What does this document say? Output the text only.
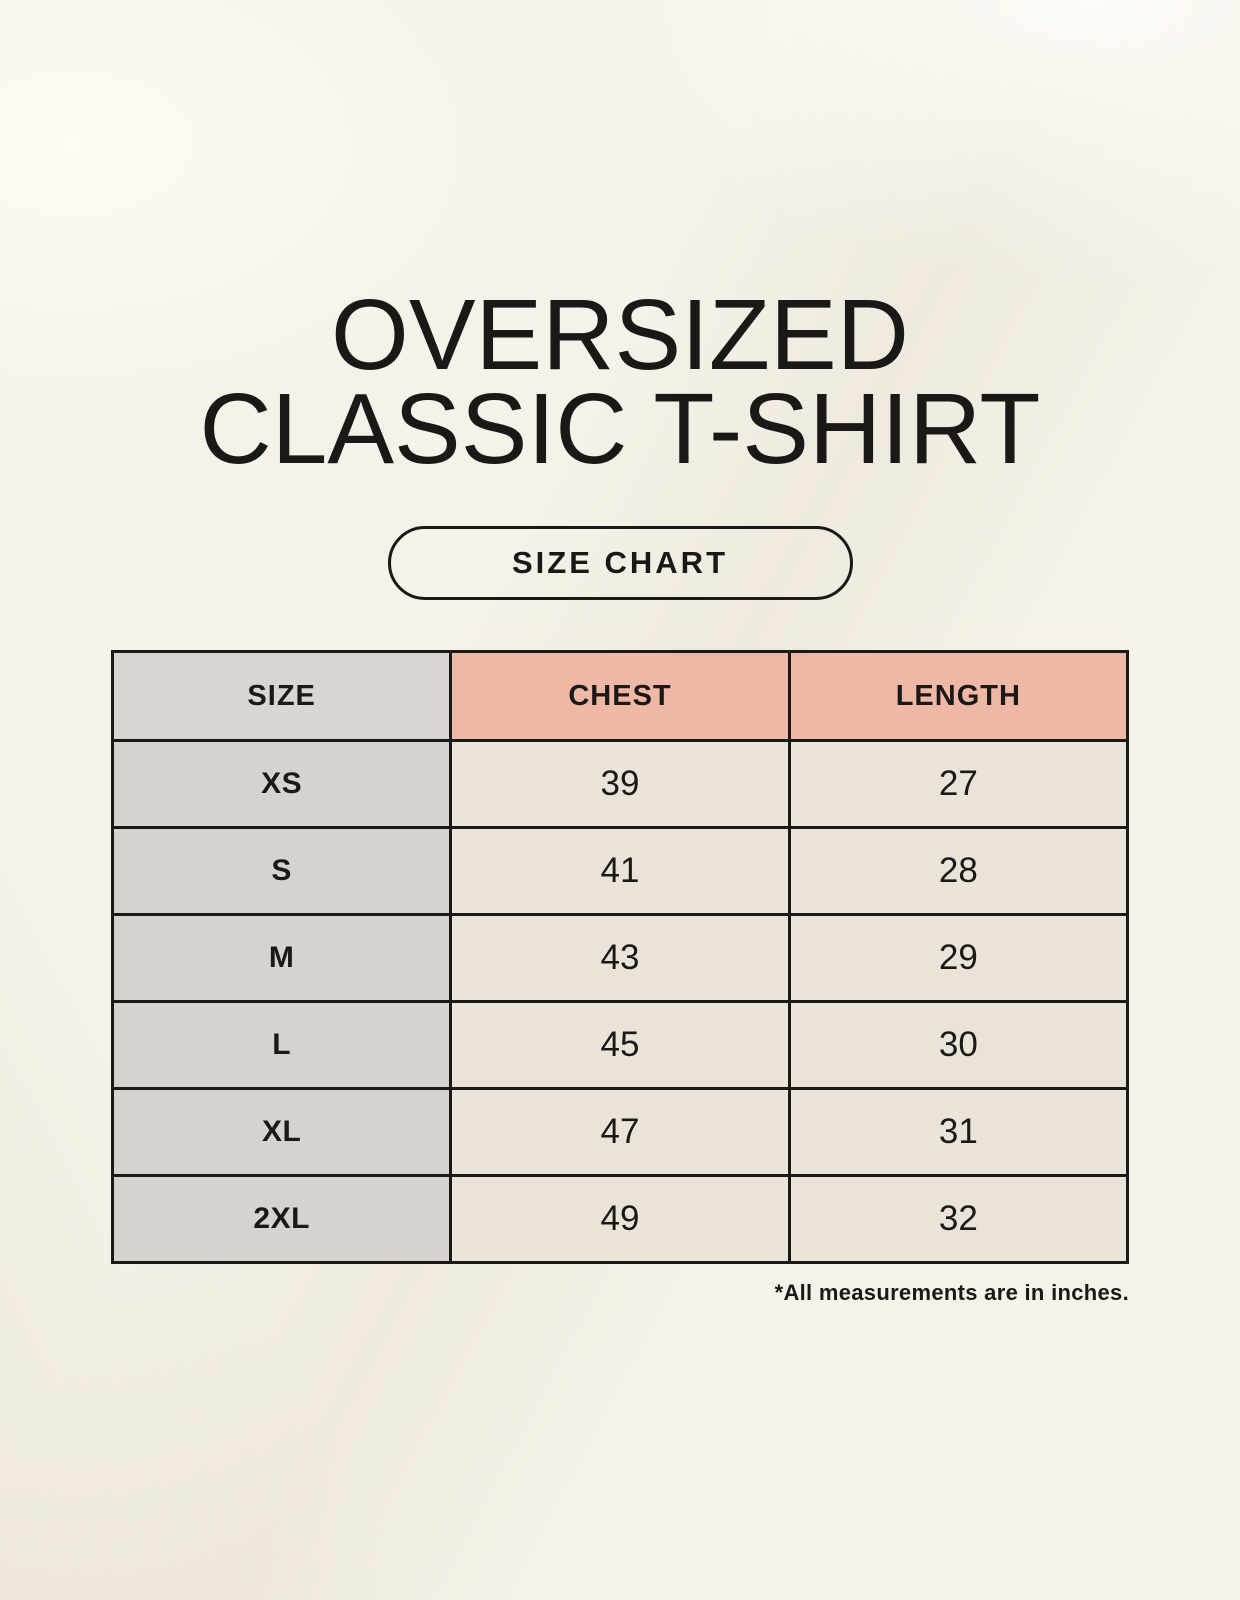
OVERSIZED
CLASSIC T-SHIRT
SIZE CHART
SIZE	CHEST	LENGTH
XS	39	27
S	41	28
M	43	29
L	45	30
XL	47	31
2XL	49	32
*All measurements are in inches.
